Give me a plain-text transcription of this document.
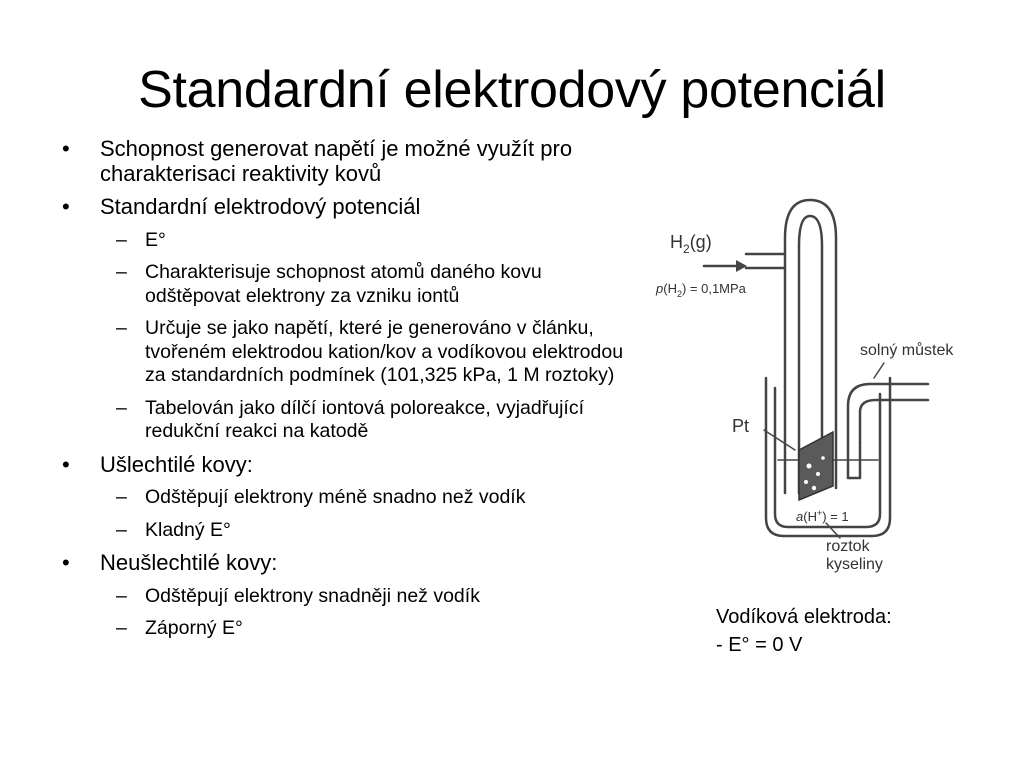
Standardní elektrodový potenciál
• Schopnost generovat napětí je možné využít pro charakterisaci reaktivity kovů
• Standardní elektrodový potenciál
– E°
– Charakterisuje schopnost atomů daného kovu odštěpovat elektrony za vzniku iontů
– Určuje se jako napětí, které je generováno v článku, tvořeném elektrodou kation/kov a vodíkovou elektrodou za standardních podmínek (101,325 kPa, 1 M roztoky)
– Tabelován jako dílčí iontová poloreakce, vyjadřující redukční reakci na katodě
• Ušlechtilé kovy:
– Odštěpují elektrony méně snadno než vodík
– Kladný E°
• Neušlechtilé kovy:
– Odštěpují elektrony snadněji než vodík
– Záporný E°
$H_2(g)$
$p(H_2) = 0,1MPa$
solný můstek
Pt
a(H+) = 1
roztok
kyseliny
Vodíková elektroda:
- E° = 0 V
